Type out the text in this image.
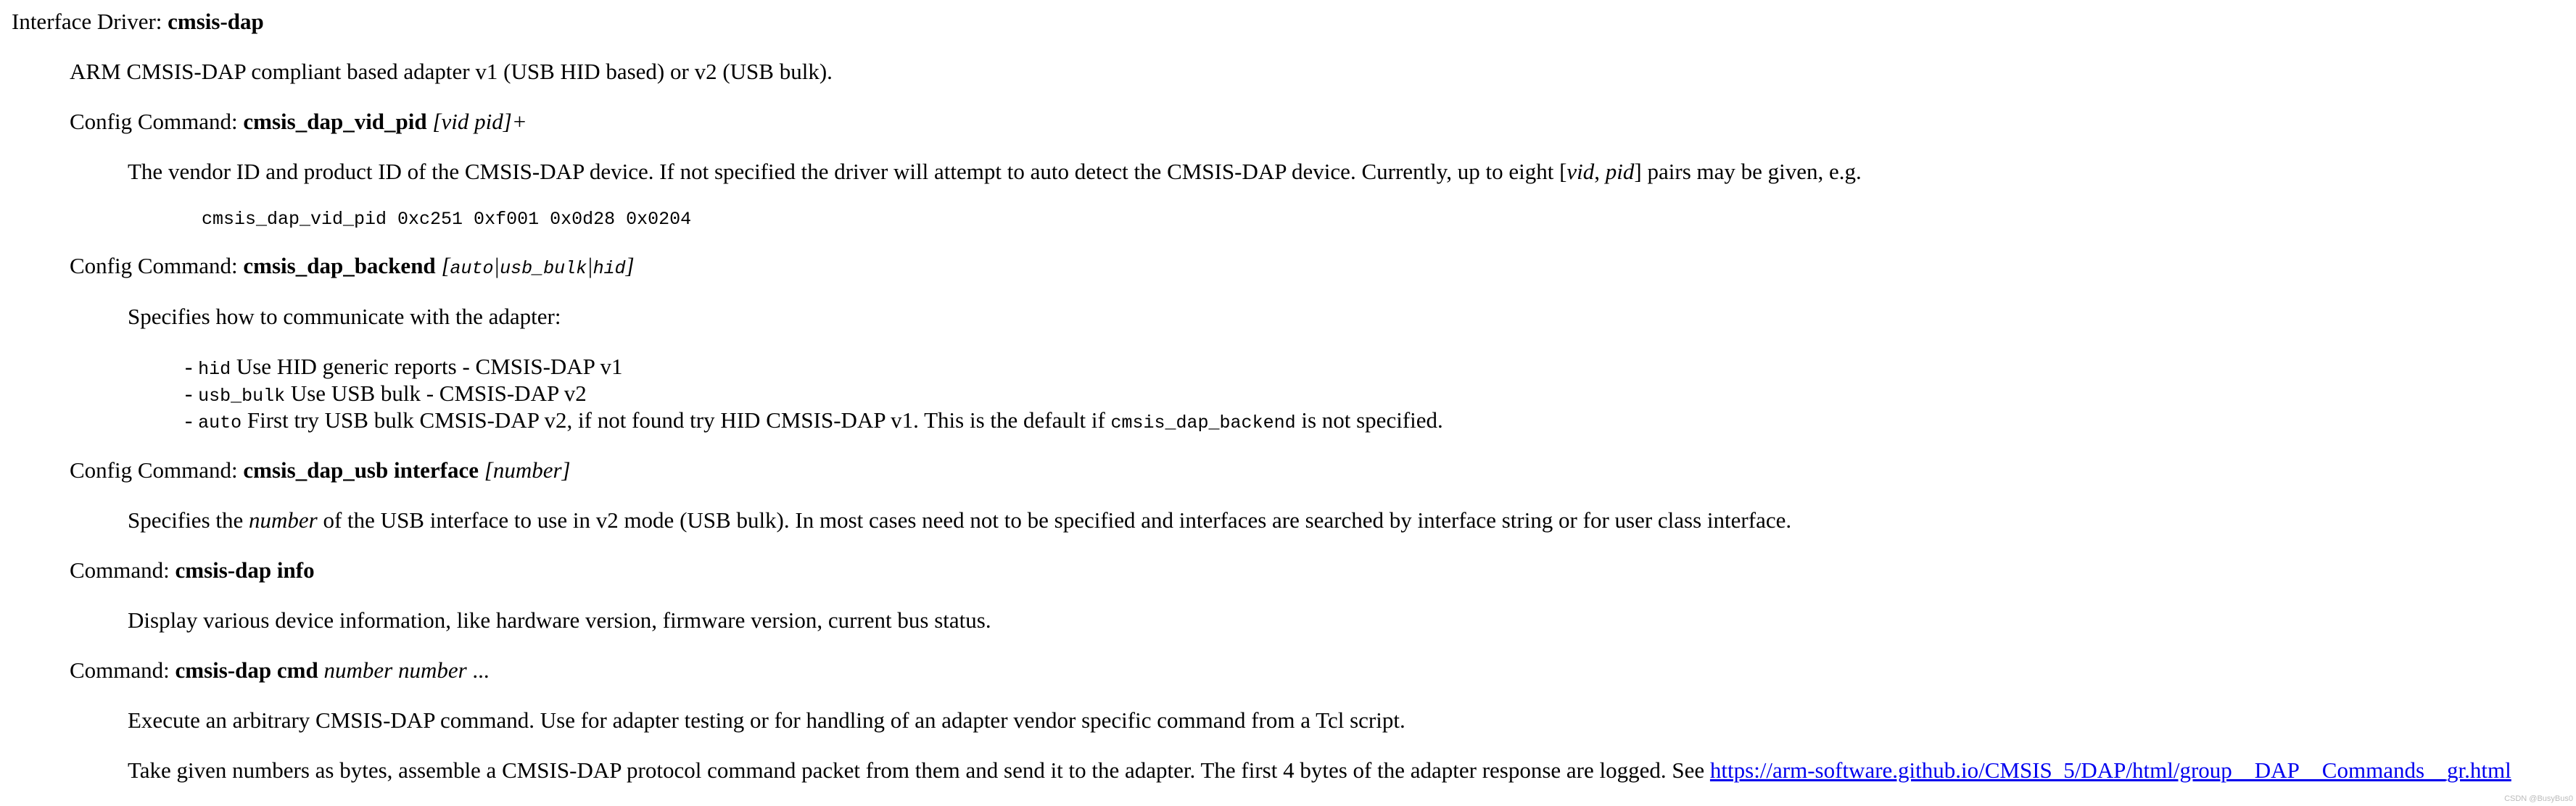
Interface Driver: cmsis-dap
ARM CMSIS-DAP compliant based adapter v1 (USB HID based) or v2 (USB bulk).
Config Command: cmsis_dap_vid_pid [vid pid]+
The vendor ID and product ID of the CMSIS-DAP device. If not specified the driver will attempt to auto detect the CMSIS-DAP device. Currently, up to eight [vid, pid] pairs may be given, e.g.
cmsis_dap_vid_pid 0xc251 0xf001 0x0d28 0x0204
Config Command: cmsis_dap_backend [auto|usb_bulk|hid]
Specifies how to communicate with the adapter:
- hid Use HID generic reports - CMSIS-DAP v1
- usb_bulk Use USB bulk - CMSIS-DAP v2
- auto First try USB bulk CMSIS-DAP v2, if not found try HID CMSIS-DAP v1. This is the default if cmsis_dap_backend is not specified.
Config Command: cmsis_dap_usb interface [number]
Specifies the number of the USB interface to use in v2 mode (USB bulk). In most cases need not to be specified and interfaces are searched by interface string or for user class interface.
Command: cmsis-dap info
Display various device information, like hardware version, firmware version, current bus status.
Command: cmsis-dap cmd number number ...
Execute an arbitrary CMSIS-DAP command. Use for adapter testing or for handling of an adapter vendor specific command from a Tcl script.
Take given numbers as bytes, assemble a CMSIS-DAP protocol command packet from them and send it to the adapter. The first 4 bytes of the adapter response are logged. See https://arm-software.github.io/CMSIS_5/DAP/html/group__DAP__Commands__gr.html
CSDN @BusyBus0
